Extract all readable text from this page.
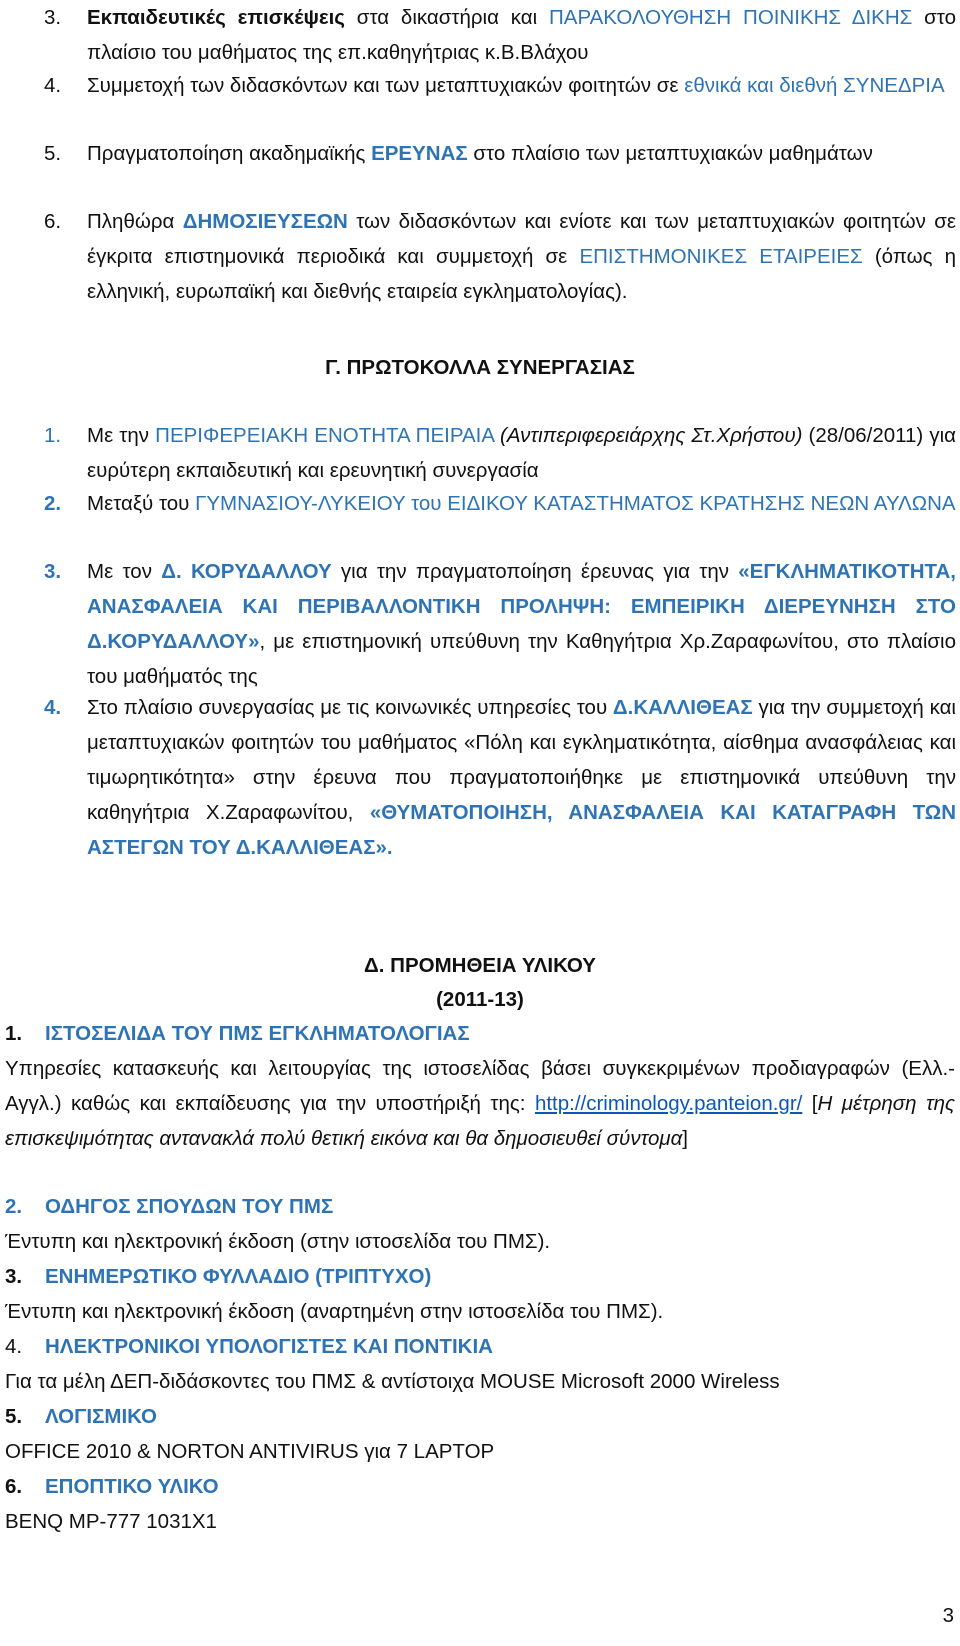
3. Εκπαιδευτικές επισκέψεις στα δικαστήρια και ΠΑΡΑΚΟΛΟΥΘΗΣΗ ΠΟΙΝΙΚΗΣ ΔΙΚΗΣ στο πλαίσιο του μαθήματος της επ.καθηγήτριας κ.Β.Βλάχου
4. Συμμετοχή των διδασκόντων και των μεταπτυχιακών φοιτητών σε εθνικά και διεθνή ΣΥΝΕΔΡΙΑ
5. Πραγματοποίηση ακαδημαϊκής ΕΡΕΥΝΑΣ στο πλαίσιο των μεταπτυχιακών μαθημάτων
6. Πληθώρα ΔΗΜΟΣΙΕΥΣΕΩΝ των διδασκόντων και ενίοτε και των μεταπτυχιακών φοιτητών σε έγκριτα επιστημονικά περιοδικά και συμμετοχή σε ΕΠΙΣΤΗΜΟΝΙΚΕΣ ΕΤΑΙΡΕΙΕΣ (όπως η ελληνική, ευρωπαϊκή και διεθνής εταιρεία εγκληματολογίας).
Γ. ΠΡΩΤΟΚΟΛΛΑ ΣΥΝΕΡΓΑΣΙΑΣ
1. Με την ΠΕΡΙΦΕΡΕΙΑΚΗ ΕΝΟΤΗΤΑ ΠΕΙΡΑΙΑ (Αντιπεριφερειάρχης Στ.Χρήστου) (28/06/2011) για ευρύτερη εκπαιδευτική και ερευνητική συνεργασία
2. Μεταξύ του ΓΥΜΝΑΣΙΟΥ-ΛΥΚΕΙΟΥ του ΕΙΔΙΚΟΥ ΚΑΤΑΣΤΗΜΑΤΟΣ ΚΡΑΤΗΣΗΣ ΝΕΩΝ ΑΥΛΩΝΑ
3. Με τον Δ. ΚΟΡΥΔΑΛΛΟΥ για την πραγματοποίηση έρευνας για την «ΕΓΚΛΗΜΑΤΙΚΟΤΗΤΑ, ΑΝΑΣΦΑΛΕΙΑ ΚΑΙ ΠΕΡΙΒΑΛΛΟΝΤΙΚΗ ΠΡΟΛΗΨΗ: ΕΜΠΕΙΡΙΚΗ ΔΙΕΡΕΥΝΗΣΗ ΣΤΟ Δ.ΚΟΡΥΔΑΛΛΟΥ», με επιστημονική υπεύθυνη την Καθηγήτρια Χρ.Ζαραφωνίτου, στο πλαίσιο του μαθήματός της
4. Στο πλαίσιο συνεργασίας με τις κοινωνικές υπηρεσίες του Δ.ΚΑΛΛΙΘΕΑΣ για την συμμετοχή και μεταπτυχιακών φοιτητών του μαθήματος «Πόλη και εγκληματικότητα, αίσθημα ανασφάλειας και τιμωρητικότητα» στην έρευνα που πραγματοποιήθηκε με επιστημονικά υπεύθυνη την καθηγήτρια Χ.Ζαραφωνίτου, «ΘΥΜΑΤΟΠΟΙΗΣΗ, ΑΝΑΣΦΑΛΕΙΑ ΚΑΙ ΚΑΤΑΓΡΑΦΗ ΤΩΝ ΑΣΤΕΓΩΝ ΤΟΥ Δ.ΚΑΛΛΙΘΕΑΣ».
Δ. ΠΡΟΜΗΘΕΙΑ ΥΛΙΚΟΥ
(2011-13)
1. ΙΣΤΟΣΕΛΙΔΑ ΤΟΥ ΠΜΣ ΕΓΚΛΗΜΑΤΟΛΟΓΙΑΣ
Υπηρεσίες κατασκευής και λειτουργίας της ιστοσελίδας βάσει συγκεκριμένων προδιαγραφών (Ελλ.-Αγγλ.) καθώς και εκπαίδευσης για την υποστήριξή της: http://criminology.panteion.gr/ [Η μέτρηση της επισκεψιμότητας αντανακλά πολύ θετική εικόνα και θα δημοσιευθεί σύντομα]
2. ΟΔΗΓΟΣ ΣΠΟΥΔΩΝ ΤΟΥ ΠΜΣ
Έντυπη και ηλεκτρονική έκδοση (στην ιστοσελίδα του ΠΜΣ).
3. ΕΝΗΜΕΡΩΤΙΚΟ ΦΥΛΛΑΔΙΟ (ΤΡΙΠΤΥΧΟ)
Έντυπη και ηλεκτρονική έκδοση (αναρτημένη στην ιστοσελίδα του ΠΜΣ).
4. ΗΛΕΚΤΡΟΝΙΚΟΙ ΥΠΟΛΟΓΙΣΤΕΣ ΚΑΙ ΠΟΝΤΙΚΙΑ
Για τα μέλη ΔΕΠ-διδάσκοντες του ΠΜΣ & αντίστοιχα MOUSE Microsoft 2000 Wireless
5. ΛΟΓΙΣΜΙΚΟ
OFFICE 2010 & NORTON ANTIVIRUS για 7 LAPTOP
6. ΕΠΟΠΤΙΚΟ ΥΛΙΚΟ
BENQ MP-777 1031X1
3
